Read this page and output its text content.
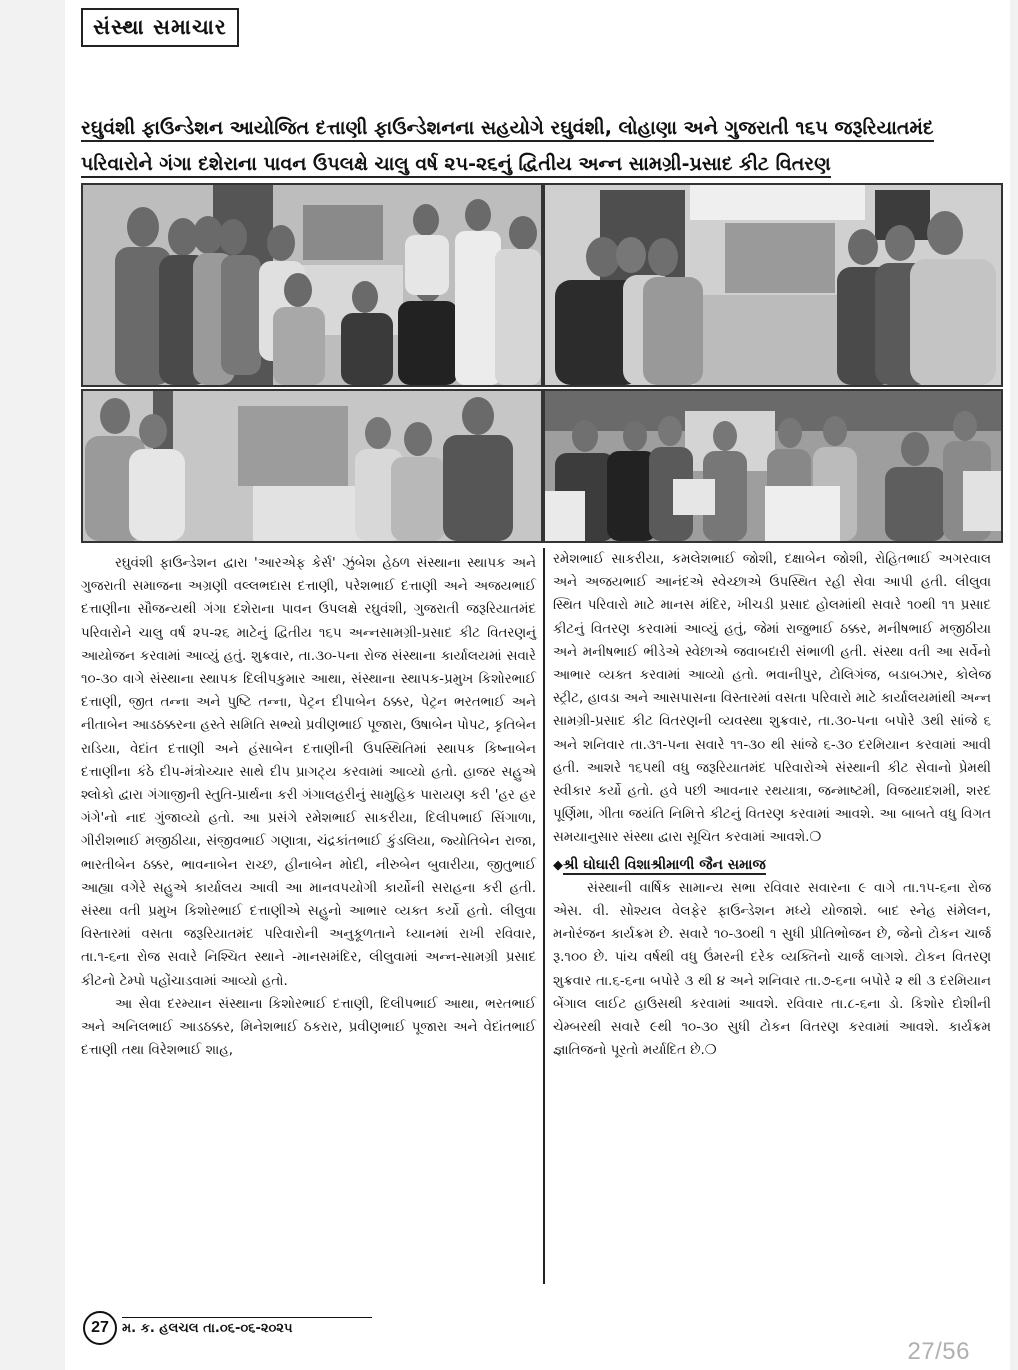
સંસ્થા સમાચાર
રઘુવંશી ફાઉન્ડેશન આયોજિત દત્તાણી ફાઉન્ડેશનના સહયોગે રઘુવંશી, લોહાણા અને ગુજરાતી ૧૬૫ જરૂરિયાતમંદ
પરિવારોને ગંગા દશેરાના પાવન ઉપલક્ષે ચાલુ વર્ષ ૨૫-૨૬નું દ્વિતીય અન્ન સામગ્રી-પ્રસાદ કીટ વિતરણ

રઘુવંશી ફાઉન્ડેશન દ્વારા 'આરએફ કેર્સ' ઝુંબેશ હેઠળ સંસ્થાના સ્થાપક અને ગુજરાતી સમાજના અગ્રણી વલ્લભદાસ દત્તાણી, પરેશભાઈ દત્તાણી અને અજયભાઈ દત્તાણીના સૌજન્યથી ગંગા દશેરાના પાવન ઉપલક્ષે રઘુવંશી, ગુજરાતી જરૂરિયાતમંદ પરિવારોને ચાલુ વર્ષ ૨૫-૨૬ માટેનું દ્વિતીય ૧૬૫ અન્નસામગ્રી-પ્રસાદ કીટ વિતરણનું આયોજન કરવામાં આવ્યું હતું. શુક્રવાર, તા.૩૦-૫ના રોજ સંસ્થાના કાર્યાલયમાં સવારે ૧૦-૩૦ વાગે સંસ્થાના સ્થાપક દિલીપકુમાર આથા, સંસ્થાના સ્થાપક-પ્રમુખ કિશોરભાઈ દત્તાણી, જીત તન્ના અને પુષ્ટિ તન્ના, પેટ્રન દીપાબેન ઠક્કર, પેટ્રન ભરતભાઈ અને નીતાબેન આડઠક્કરના હસ્તે સમિતિ સભ્યો પ્રવીણભાઈ પૂજારા, ઉષાબેન પોપટ, કૃતિબેન રાડિયા, વેદાંત દત્તાણી અને હંસાબેન દત્તાણીની ઉપસ્થિતિમાં સ્થાપક કિષ્નાબેન દત્તાણીના કંઠે દીપ-મંત્રોચ્ચાર સાથે દીપ પ્રાગટ્ય કરવામાં આવ્યો હતો. હાજર સહુએ શ્લોકો દ્વારા ગંગાજીની સ્તુતિ-પ્રાર્થના કરી ગંગાલહરીનું સામુહિક પારાયણ કરી 'હર હર ગંગે'નો નાદ ગુંજાવ્યો હતો. આ પ્રસંગે રમેશભાઈ સાકરીયા, દિલીપભાઈ સિંગાળા, ગીરીશભાઈ મજીઠીયા, સંજીવભાઈ ગણાત્રા, ચંદ્રકાંતભાઈ કુંડલિયા, જ્યોતિબેન રાજા, ભારતીબેન ઠક્કર, ભાવનાબેન રાચ્છ, હીનાબેન મોદી, નીરુબેન બુવારીયા, જીતુભાઈ આહ્યા વગેરે સહુએ કાર્યાલય આવી આ માનવપયોગી કાર્યોની સરાહના કરી હતી. સંસ્થા વતી પ્રમુખ કિશોરભાઈ દત્તાણીએ સહુનો આભાર વ્યક્ત કર્યો હતો. લીલુવા વિસ્તારમાં વસતા જરૂરિયાતમંદ પરિવારોની અનુકૂળતાને ધ્યાનમાં રાખી રવિવાર, તા.૧-૬ના રોજ સવારે નિશ્ચિત સ્થાને -માનસમંદિર, લીલુવામાં અન્ન-સામગ્રી પ્રસાદ કીટનો ટેમ્પો પહોંચાડવામાં આવ્યો હતો.

આ સેવા દરમ્યાન સંસ્થાના કિશોરભાઈ દત્તાણી, દિલીપભાઈ આથા, ભરતભાઈ અને અનિલભાઈ આડઠક્કર, મિનેશભાઈ ઠકરાર, પ્રવીણભાઈ પૂજારા અને વેદાંતભાઈ દત્તાણી તથા વિરેશભાઈ શાહ,

રમેશભાઈ સાકરીયા, કમલેશભાઈ જોશી, દક્ષાબેન જોશી, રોહિતભાઈ અગરવાલ અને અજયભાઈ આનંદએ સ્વેચ્છાએ ઉપસ્થિત રહી સેવા આપી હતી. લીલુવા સ્થિત પરિવારો માટે માનસ મંદિર, ખીચડી પ્રસાદ હોલમાંથી સવારે ૧૦થી ૧૧ પ્રસાદ કીટનું વિતરણ કરવામાં આવ્યું હતું, જેમાં રાજુભાઈ ઠક્કર, મનીષભાઈ મજીઠીયા અને મનીષભાઈ ભીડેએ સ્વેછાએ જવાબદારી સંભાળી હતી. સંસ્થા વતી આ સર્વેનો આભાર વ્યક્ત કરવામાં આવ્યો હતો. ભવાનીપુર, ટોલિગંજ, બડાબઝાર, કોલેજ સ્ટ્રીટ, હાવડા અને આસપાસના વિસ્તારમાં વસતા પરિવારો માટે કાર્યાલયમાંથી અન્ન સામગ્રી-પ્રસાદ કીટ વિતરણની વ્યવસ્થા શુક્રવાર, તા.૩૦-૫ના બપોરે ૩થી સાંજે ૬ અને શનિવાર તા.૩૧-૫ના સવારે ૧૧-૩૦ થી સાંજે ૬-૩૦ દરમિયાન કરવામાં આવી હતી. આશરે ૧૬૫થી વધુ જરૂરિયાતમંદ પરિવારોએ સંસ્થાની કીટ સેવાનો પ્રેમથી સ્વીકાર કર્યો હતો. હવે પછી આવનાર રથયાત્રા, જન્માષ્ટમી, વિજયાદશમી, શરદ પૂર્ણિમા, ગીતા જયંતિ નિમિત્તે કીટનું વિતરણ કરવામાં આવશે. આ બાબતે વધુ વિગત સમયાનુસાર સંસ્થા દ્વારા સૂચિત કરવામાં આવશે.❍

◆શ્રી ઘોઘારી વિશાશ્રીમાળી જૈન સમાજ

સંસ્થાની વાર્ષિક સામાન્ય સભા રવિવાર સવારના ૯ વાગે તા.૧૫-૬ના રોજ એસ. વી. સોશ્યલ વેલફેર ફાઉન્ડેશન મધ્યે યોજાશે. બાદ સ્નેહ સંમેલન, મનોરંજન કાર્યક્રમ છે. સવારે ૧૦-૩૦થી ૧ સુધી પ્રીતિભોજન છે, જેનો ટોકન ચાર્જ રૂ.૧૦૦ છે. પાંચ વર્ષથી વધુ ઉંમરની દરેક વ્યક્તિનો ચાર્જ લાગશે. ટોકન વિતરણ શુક્રવાર તા.૬-૬ના બપોરે ૩ થી ૪ અને શનિવાર તા.૭-૬ના બપોરે ૨ થી ૩ દરમિયાન બેંગાલ લાઈટ હાઉસથી કરવામાં આવશે. રવિવાર તા.૮-૬ના ડો. કિશોર દોશીની ચેમ્બરથી સવારે ૯થી ૧૦-૩૦ સુધી ટોકન વિતરણ કરવામાં આવશે. કાર્યક્રમ જ્ઞાતિજનો પૂરતો મર્યાદિત છે.❍

27	મ. ક. હલચલ તા.૦૬-૦૬-૨૦૨૫
27/56
